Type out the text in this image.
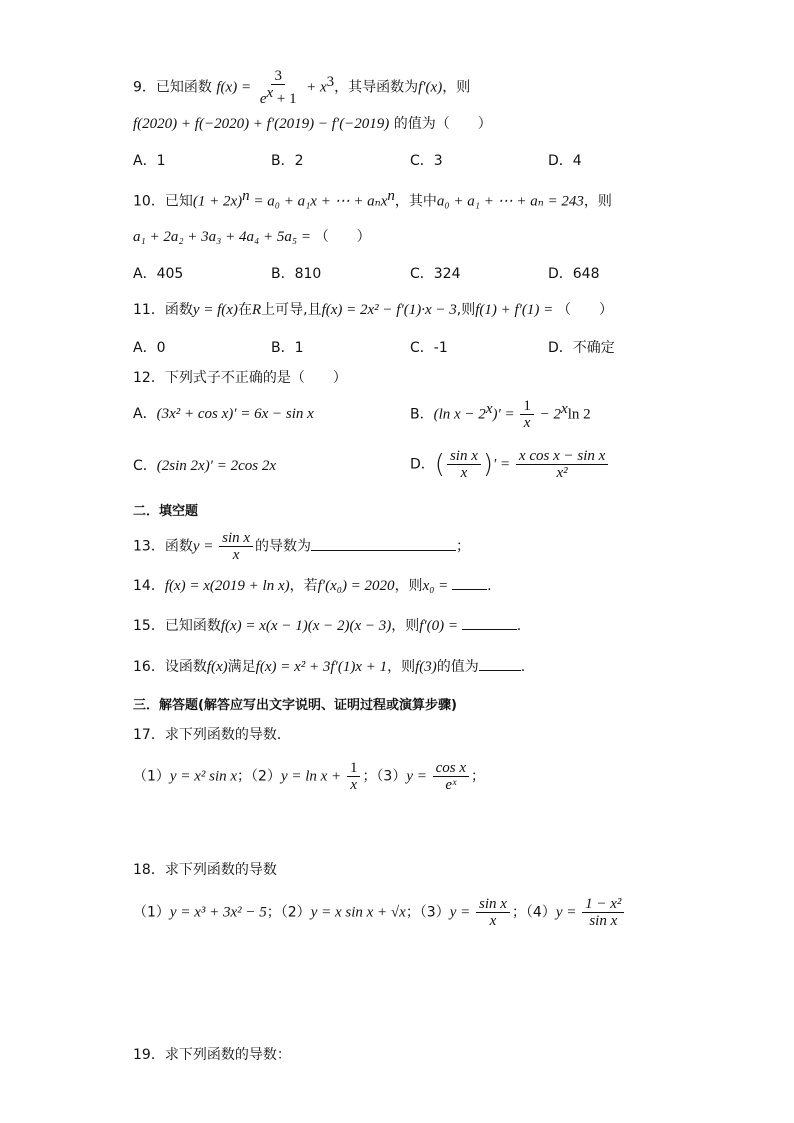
9．已知函数 $f(x) = \frac{3}{e^x + 1} + x^3$，其导函数为f′(x)，则
f(2020) + f(−2020) + f′(2019) − f′(−2019) 的值为（　　）
A．1	B．2	C．3	D．4
10．已知$(1 + 2x)^n = a_0 + a_1x$ + ⋯ + aₙx$^n$，其中a₀ + a₁ + ⋯ + aₙ = 243，则
a₁ + 2a₂ + 3a₃ + 4a₄ + 5a₅ = （　　）
A．405	B．810	C．324	D．648
11．函数y = f(x)在R上可导,且f(x) = 2x² − f′(1)·x − 3,则f(1) + f′(1) = （　　）
A．0	B．1	C．-1	D．不确定
12．下列式子不正确的是（　　）
A．(3x² + cos x)′ = 6x − sin x	B．(ln $x - 2^x)' = \frac{1}{x} - 2^x\ln$ 2
C．(2sin 2x)′ = 2cos 2x	D．( $\frac{\text{sin x}}{x}$ )′ = $\frac{\text{x cos x − sin x}}{\text{x²}}$
二．填空题
13．函数$y = \frac{\text{sin x}}{x}$ 的导数为	；
14．f(x) = x(2019 + ln x)，若f′(x₀) = 2020，则x₀ =	.
15．已知函数f(x) = x(x − 1)(x − 2)(x − 3)，则f′(0) =	.
16．设函数f(x)满足f(x) = x² + 3f′(1)x + 1，则f(3)的值为	.
三．解答题(解答应写出文字说明、证明过程或演算步骤)
17．求下列函数的导数．
（1）y = x² sin x；$(2)y = \ln x + \frac{1}{x}$ ；$(3)y = \frac{\text{cos x}}{\text{eˣ}}$ ；
18．求下列函数的导数
（1）y = x³ + 3x² − 5；（2）y = x sin x + √x；$(3)y = \frac{\text{sin x}}{x}$ ；$(4)y = \frac{\text{1 − x²}}{\text{sin x}}$
19．求下列函数的导数：
